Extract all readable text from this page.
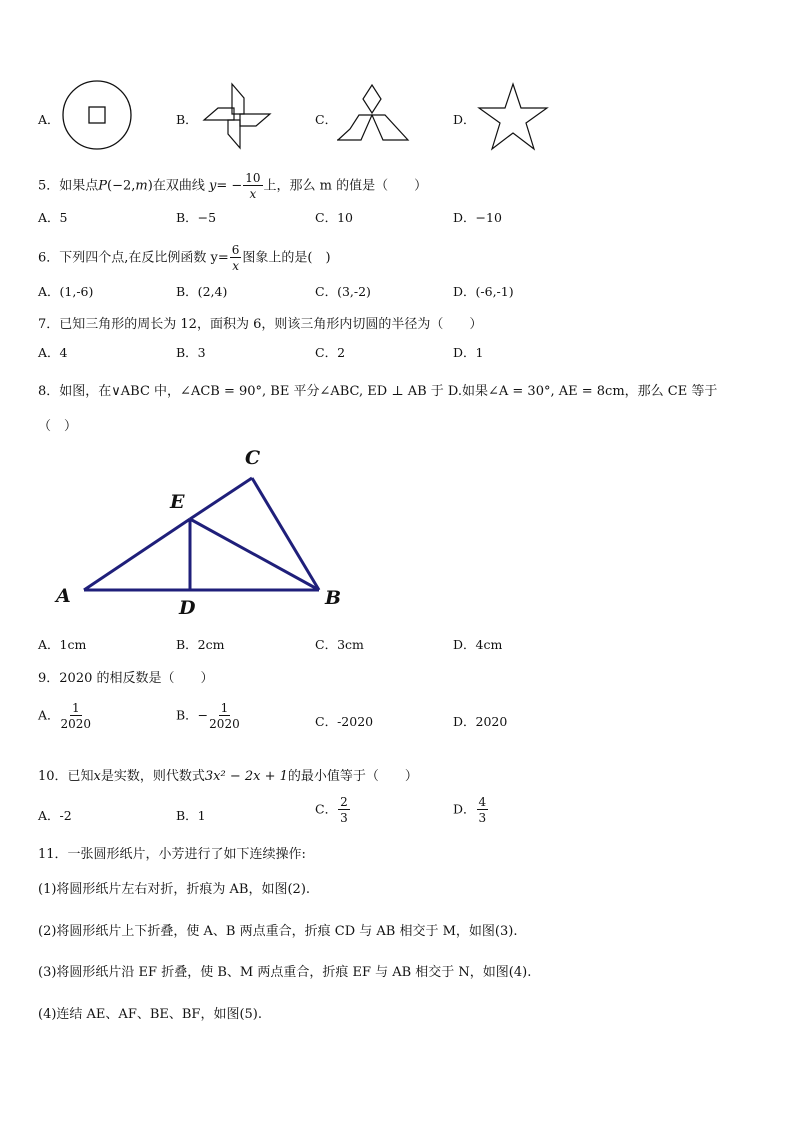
A．	B．	C．	D．
5．如果点P(−2,m)在双曲线 $y= - \frac{10}{x}$ 上，那么 m 的值是（　　）
A．5	B．−5	C．10	D．−10
6．下列四个点,在反比例函数 $y= \frac{6}{x}$ 图象上的是(　)
A．(1,-6)	B．(2,4)	C．(3,-2)	D．(-6,-1)
7．已知三角形的周长为 12，面积为 6，则该三角形内切圆的半径为（　　）
A．4	B．3	C．2	D．1
8．如图，在∨ABC 中，∠ACB = 90°, BE 平分∠ABC, ED ⊥ AB 于 D.如果∠A = 30°, AE = 8cm，那么 CE 等于
（　）
C
E
A
D	B
A．1cm	B．2cm	C．3cm	D．4cm
9．2020 的相反数是（　　）
A． $\frac{1}{2020}$	B．− $\frac{1}{2020}$	C．-2020	D．2020
10．已知x是实数，则代数式3x² − 2x + 1的最小值等于（　　）
A．-2	B．1	C． $\frac{2}{3}$	D． $\frac{4}{3}$
11．一张圆形纸片，小芳进行了如下连续操作:
(1)将圆形纸片左右对折，折痕为 AB，如图(2).
(2)将圆形纸片上下折叠，使 A、B 两点重合，折痕 CD 与 AB 相交于 M，如图(3).
(3)将圆形纸片沿 EF 折叠，使 B、M 两点重合，折痕 EF 与 AB 相交于 N，如图(4).
(4)连结 AE、AF、BE、BF，如图(5).
